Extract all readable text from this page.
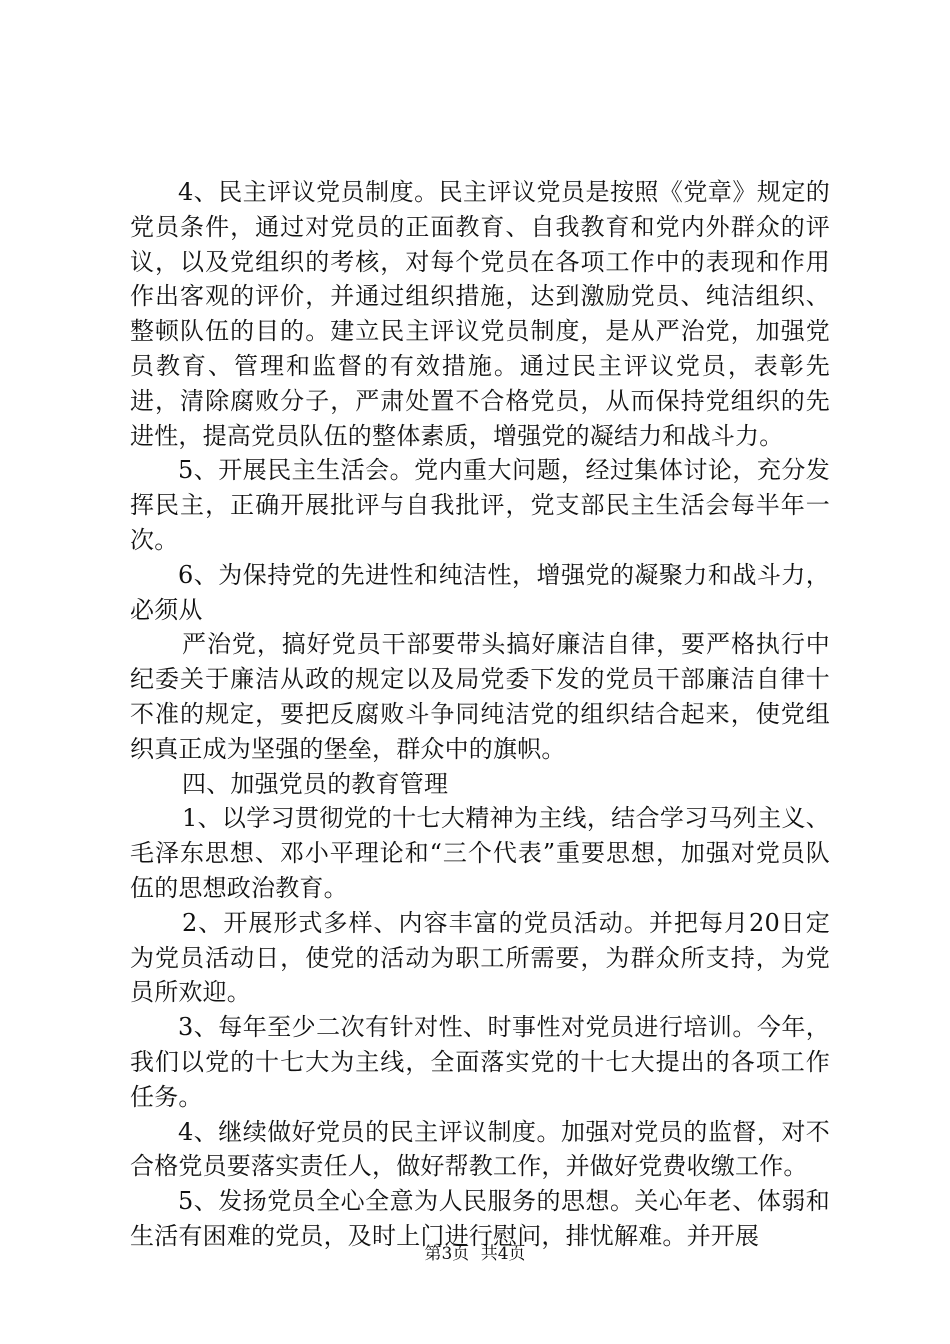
4、民主评议党员制度。民主评议党员是按照《党章》规定的党员条件，通过对党员的正面教育、自我教育和党内外群众的评议，以及党组织的考核，对每个党员在各项工作中的表现和作用作出客观的评价，并通过组织措施，达到激励党员、纯洁组织、整顿队伍的目的。建立民主评议党员制度，是从严治党，加强党员教育、管理和监督的有效措施。通过民主评议党员，表彰先进，清除腐败分子，严肃处置不合格党员，从而保持党组织的先进性，提高党员队伍的整体素质，增强党的凝结力和战斗力。

5、开展民主生活会。党内重大问题，经过集体讨论，充分发挥民主，正确开展批评与自我批评，党支部民主生活会每半年一次。

6、为保持党的先进性和纯洁性，增强党的凝聚力和战斗力，必须从

严治党，搞好党员干部要带头搞好廉洁自律，要严格执行中纪委关于廉洁从政的规定以及局党委下发的党员干部廉洁自律十不准的规定，要把反腐败斗争同纯洁党的组织结合起来，使党组织真正成为坚强的堡垒，群众中的旗帜。

四、加强党员的教育管理

1、以学习贯彻党的十七大精神为主线，结合学习马列主义、毛泽东思想、邓小平理论和“三个代表”重要思想，加强对党员队伍的思想政治教育。

2、开展形式多样、内容丰富的党员活动。并把每月20日定为党员活动日，使党的活动为职工所需要，为群众所支持，为党员所欢迎。

3、每年至少二次有针对性、时事性对党员进行培训。今年，我们以党的十七大为主线，全面落实党的十七大提出的各项工作任务。

4、继续做好党员的民主评议制度。加强对党员的监督，对不合格党员要落实责任人，做好帮教工作，并做好党费收缴工作。

5、发扬党员全心全意为人民服务的思想。关心年老、体弱和生活有困难的党员，及时上门进行慰问，排忧解难。并开展

第3页 共4页
